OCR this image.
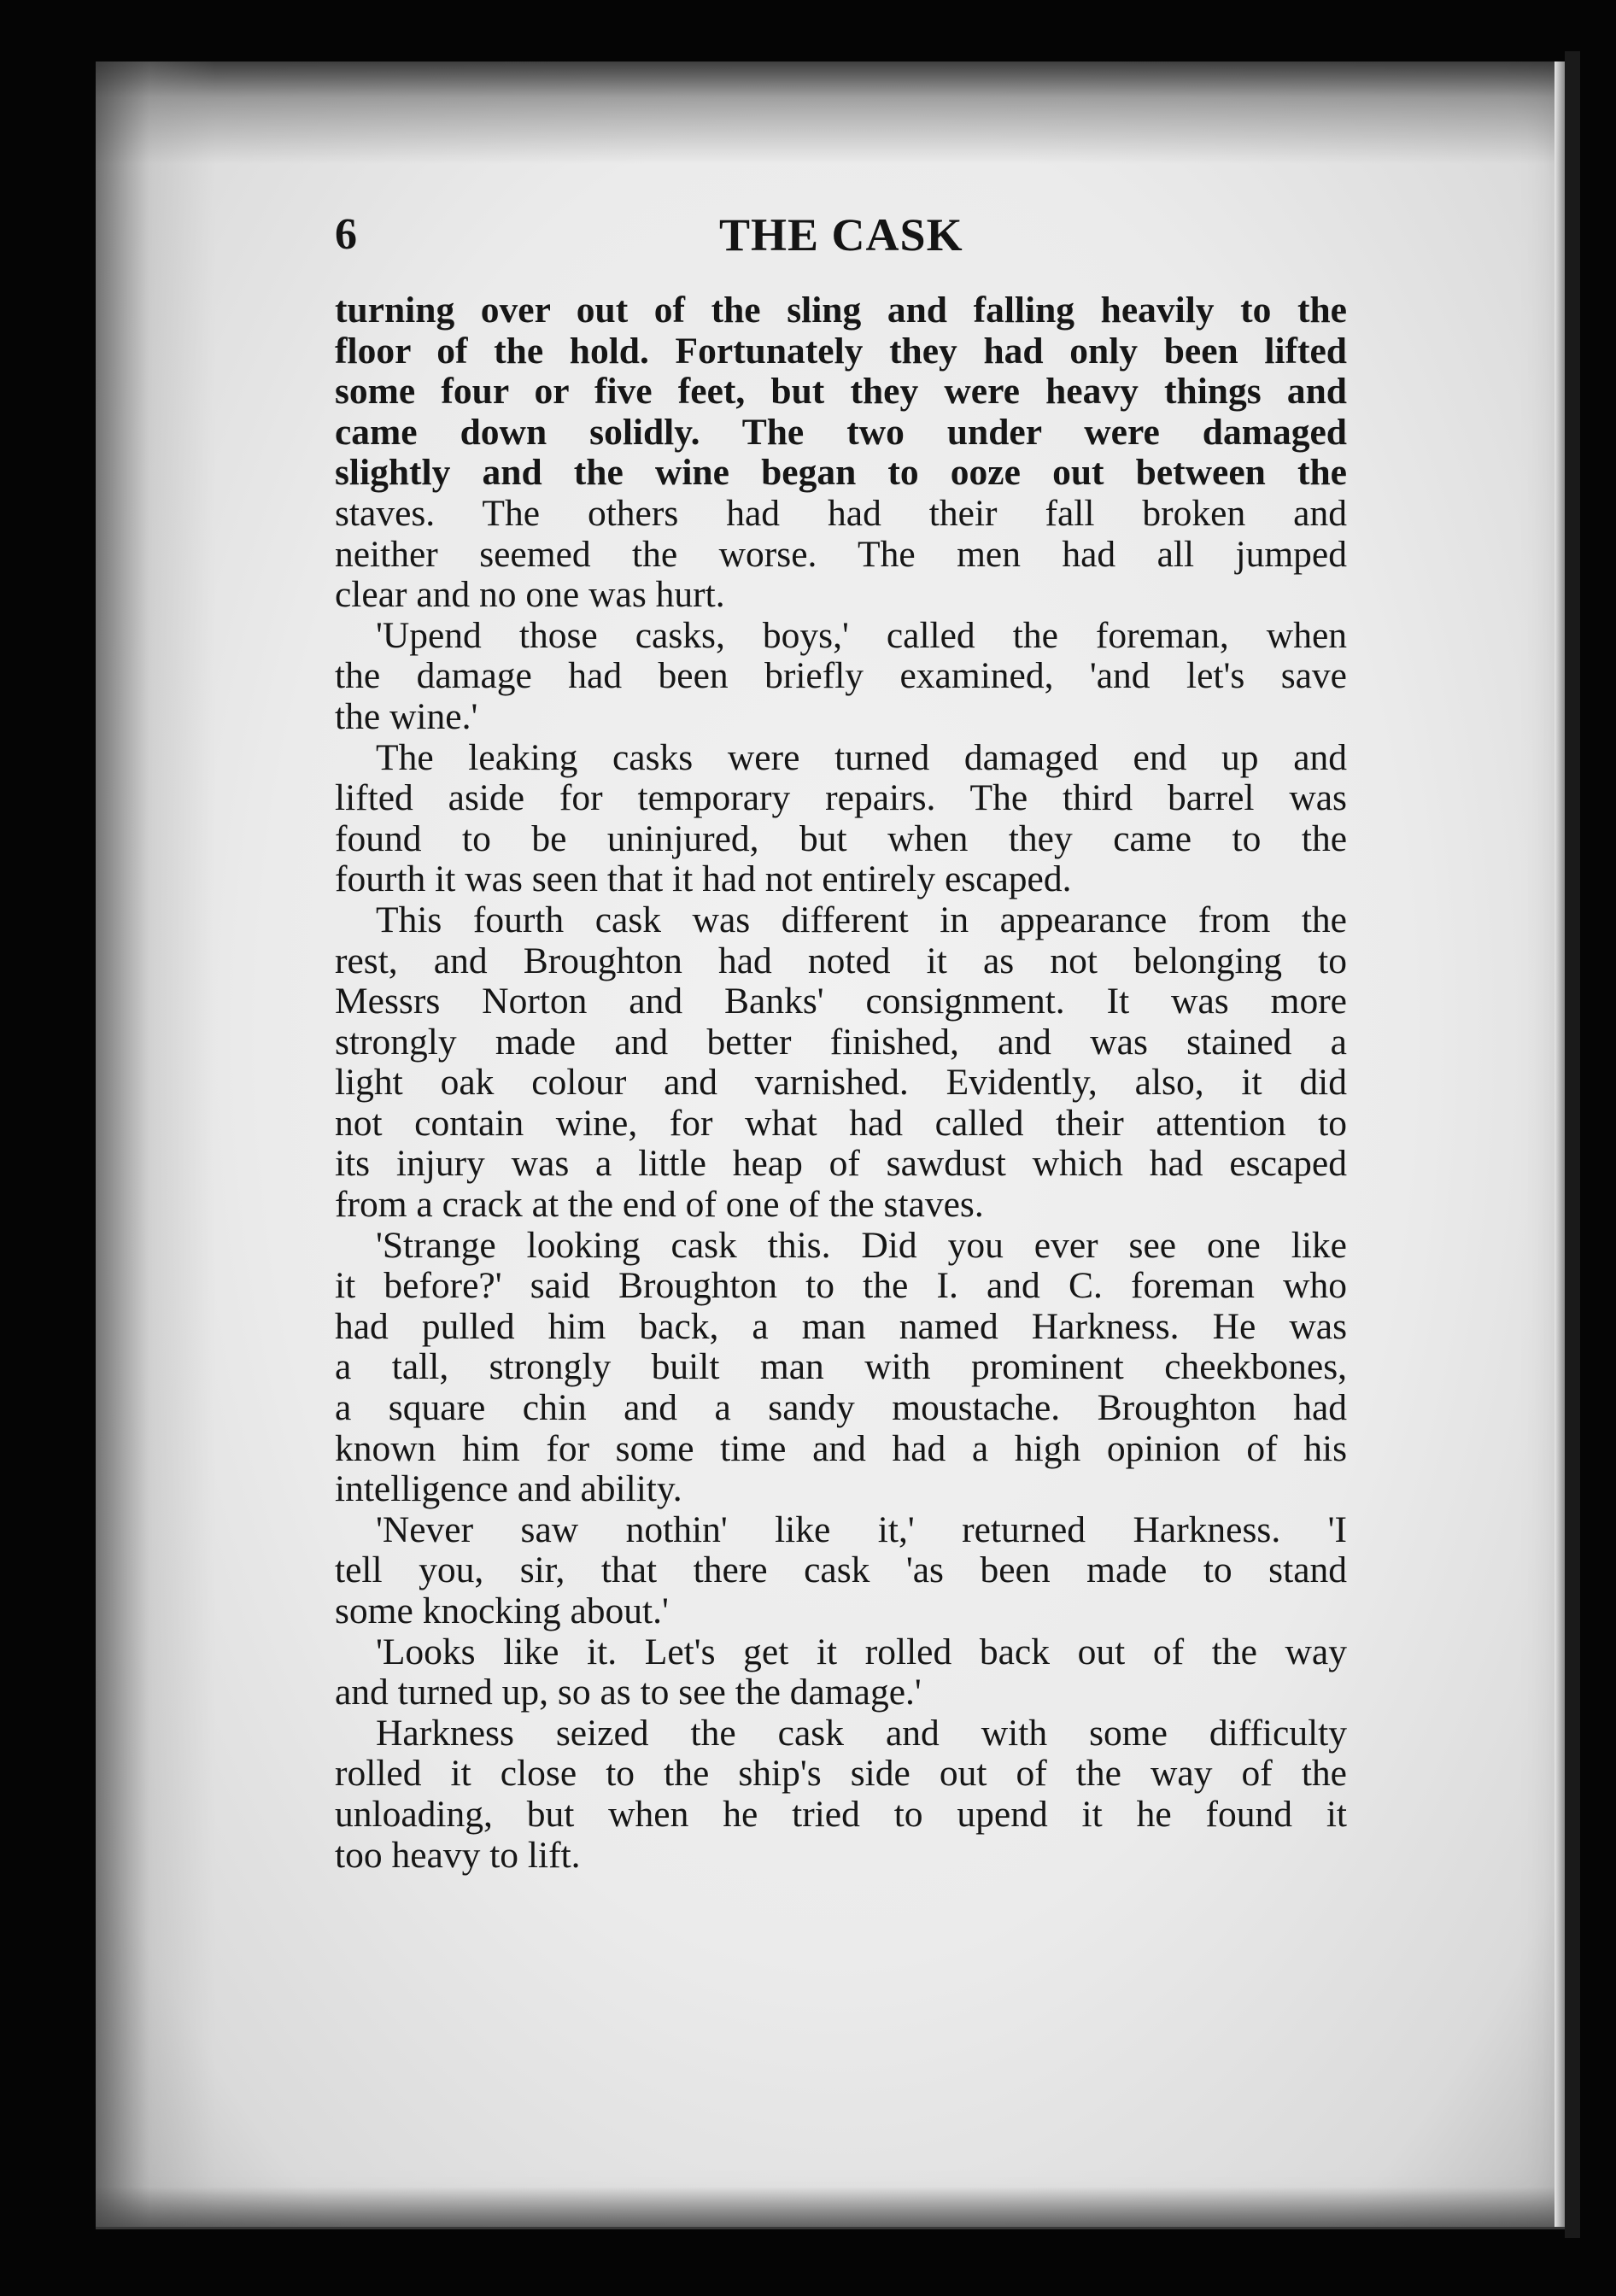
6	THE CASK
turning over out of the sling and falling heavily to the
floor of the hold. Fortunately they had only been lifted
some four or five feet, but they were heavy things and
came down solidly. The two under were damaged
slightly and the wine began to ooze out between the
staves. The others had had their fall broken and
neither seemed the worse. The men had all jumped
clear and no one was hurt.
'Upend those casks, boys,' called the foreman, when
the damage had been briefly examined, 'and let's save
the wine.'
The leaking casks were turned damaged end up and
lifted aside for temporary repairs. The third barrel was
found to be uninjured, but when they came to the
fourth it was seen that it had not entirely escaped.
This fourth cask was different in appearance from the
rest, and Broughton had noted it as not belonging to
Messrs Norton and Banks' consignment. It was more
strongly made and better finished, and was stained a
light oak colour and varnished. Evidently, also, it did
not contain wine, for what had called their attention to
its injury was a little heap of sawdust which had escaped
from a crack at the end of one of the staves.
'Strange looking cask this. Did you ever see one like
it before?' said Broughton to the I. and C. foreman who
had pulled him back, a man named Harkness. He was
a tall, strongly built man with prominent cheekbones,
a square chin and a sandy moustache. Broughton had
known him for some time and had a high opinion of his
intelligence and ability.
'Never saw nothin' like it,' returned Harkness. 'I
tell you, sir, that there cask 'as been made to stand
some knocking about.'
'Looks like it. Let's get it rolled back out of the way
and turned up, so as to see the damage.'
Harkness seized the cask and with some difficulty
rolled it close to the ship's side out of the way of the
unloading, but when he tried to upend it he found it
too heavy to lift.
